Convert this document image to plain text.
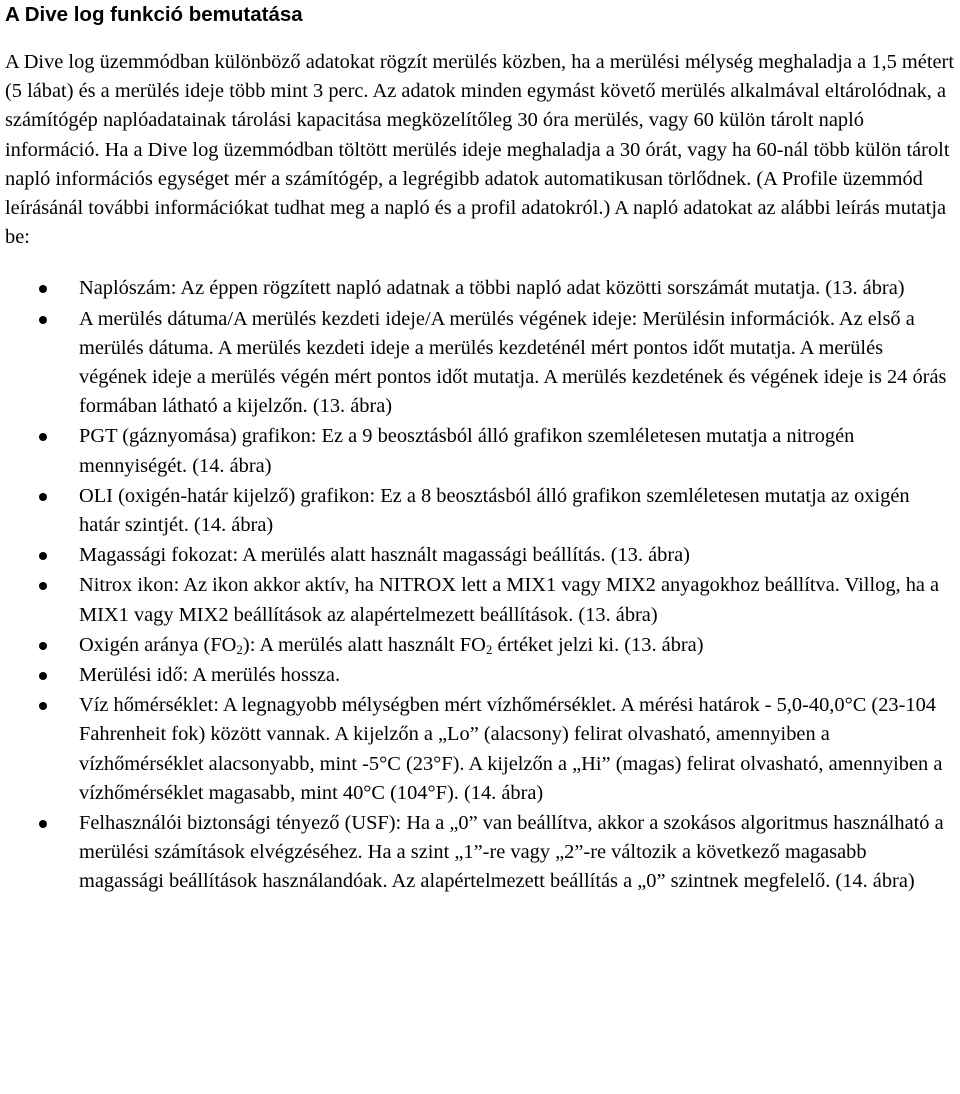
A Dive log funkció bemutatása

A Dive log üzemmódban különböző adatokat rögzít merülés közben, ha a merülési mélység meghaladja a 1,5 métert (5 lábat) és a merülés ideje több mint 3 perc. Az adatok minden egymást követő merülés alkalmával eltárolódnak, a számítógép naplóadatainak tárolási kapacitása megközelítőleg 30 óra merülés, vagy 60 külön tárolt napló információ. Ha a Dive log üzemmódban töltött merülés ideje meghaladja a 30 órát, vagy ha 60-nál több külön tárolt napló információs egységet mér a számítógép, a legrégibb adatok automatikusan törlődnek. (A Profile üzemmód leírásánál további információkat tudhat meg a napló és a profil adatokról.) A napló adatokat az alábbi leírás mutatja be:

Naplószám: Az éppen rögzített napló adatnak a többi napló adat közötti sorszámát mutatja. (13. ábra)
A merülés dátuma/A merülés kezdeti ideje/A merülés végének ideje: Merülésin információk. Az első a merülés dátuma. A merülés kezdeti ideje a merülés kezdeténél mért pontos időt mutatja. A merülés végének ideje a merülés végén mért pontos időt mutatja. A merülés kezdetének és végének ideje is 24 órás formában látható a kijelzőn. (13. ábra)
PGT (gáznyomása) grafikon: Ez a 9 beosztásból álló grafikon szemléletesen mutatja a nitrogén mennyiségét. (14. ábra)
OLI (oxigén-határ kijelző) grafikon: Ez a 8 beosztásból álló grafikon szemléletesen mutatja az oxigén határ szintjét. (14. ábra)
Magassági fokozat: A merülés alatt használt magassági beállítás. (13. ábra)
Nitrox ikon: Az ikon akkor aktív, ha NITROX lett a MIX1 vagy MIX2 anyagokhoz beállítva. Villog, ha a MIX1 vagy MIX2 beállítások az alapértelmezett beállítások. (13. ábra)
Oxigén aránya $(FO_2)$: A merülés alatt használt $FO_2$ értéket jelzi ki. (13. ábra)
Merülési idő: A merülés hossza.
Víz hőmérséklet: A legnagyobb mélységben mért vízhőmérséklet. A mérési határok - 5,0-40,0°C (23-104 Fahrenheit fok) között vannak. A kijelzőn a „Lo” (alacsony) felirat olvasható, amennyiben a vízhőmérséklet alacsonyabb, mint -5°C (23°F). A kijelzőn a „Hi” (magas) felirat olvasható, amennyiben a vízhőmérséklet magasabb, mint 40°C (104°F). (14. ábra)
Felhasználói biztonsági tényező (USF): Ha a „0” van beállítva, akkor a szokásos algoritmus használható a merülési számítások elvégzéséhez. Ha a szint „1”-re vagy „2”-re változik a következő magasabb magassági beállítások használandóak. Az alapértelmezett beállítás a „0” szintnek megfelelő. (14. ábra)
